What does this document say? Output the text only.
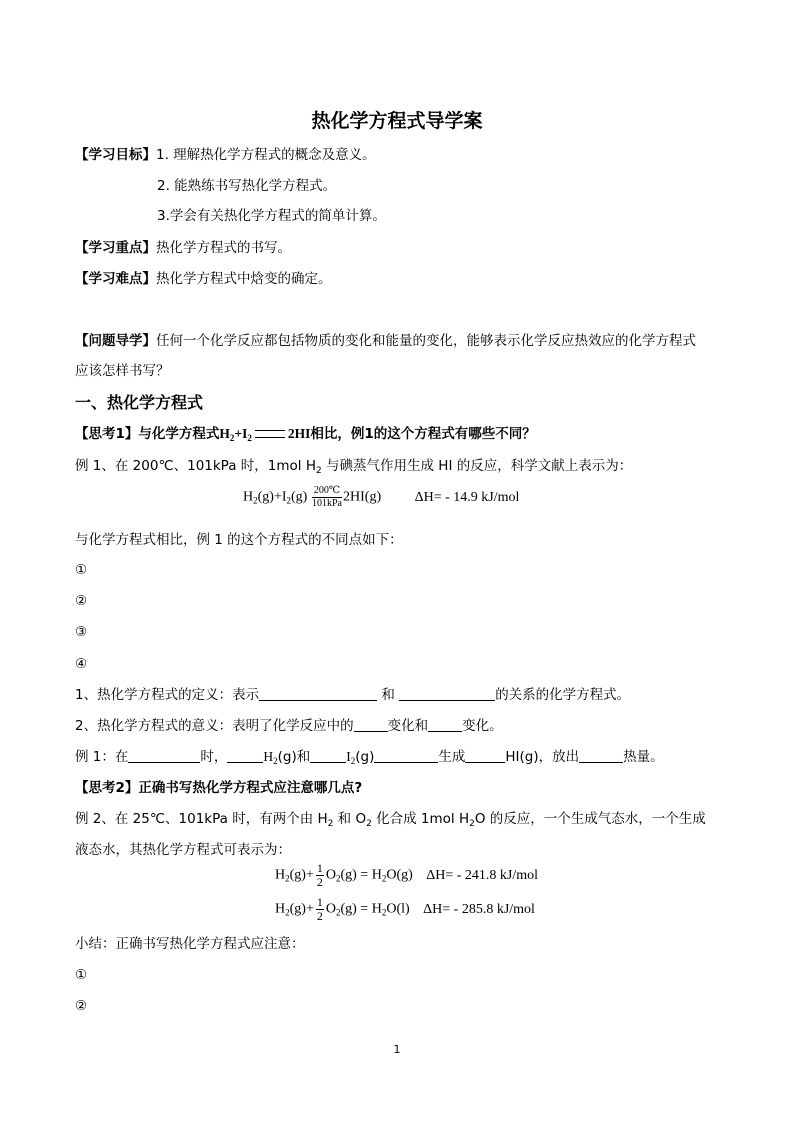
热化学方程式导学案
【学习目标】1. 理解热化学方程式的概念及意义。
2. 能熟练书写热化学方程式。
3.学会有关热化学方程式的简单计算。
【学习重点】热化学方程式的书写。
【学习难点】热化学方程式中焓变的确定。
【问题导学】任何一个化学反应都包括物质的变化和能量的变化，能够表示化学反应热效应的化学方程式
应该怎样书写？
一、热化学方程式
【思考1】与化学方程式$H_2+I_2$	2HI相比，例1的这个方程式有哪些不同？
例 1、在 200℃、101kPa 时，1mol $H_2$ 与碘蒸气作用生成 HI 的反应，科学文献上表示为：
$H_2(g)+I_2(g)$ 200℃
101kPa 2HI(g) ΔH= - 14.9 kJ/mol
与化学方程式相比，例 1 的这个方程式的不同点如下：
①
②
③
④
1、热化学方程式的定义：表示	和	的关系的化学方程式。
2、热化学方程式的意义：表明了化学反应中的	变化和	变化。
例 1：在	时，	$H_2(g)$和	$I_2(g)$	生成	HI(g)，放出	热量。
【思考2】正确书写热化学方程式应注意哪几点?
例 2、在 25℃、101kPa 时，有两个由 $H_2$ 和 $O_2$ 化合成 1mol $H_2O$ 的反应，一个生成气态水，一个生成
液态水，其热化学方程式可表示为：
$H_2(g)+ \frac{1}{2} O_2(g) = H_2O(g)$ ΔH= - 241.8 kJ/mol
$H_2(g)+ \frac{1}{2} O_2(g) = H_2O(l)$ ΔH= - 285.8 kJ/mol
小结：正确书写热化学方程式应注意：
①
②
1
